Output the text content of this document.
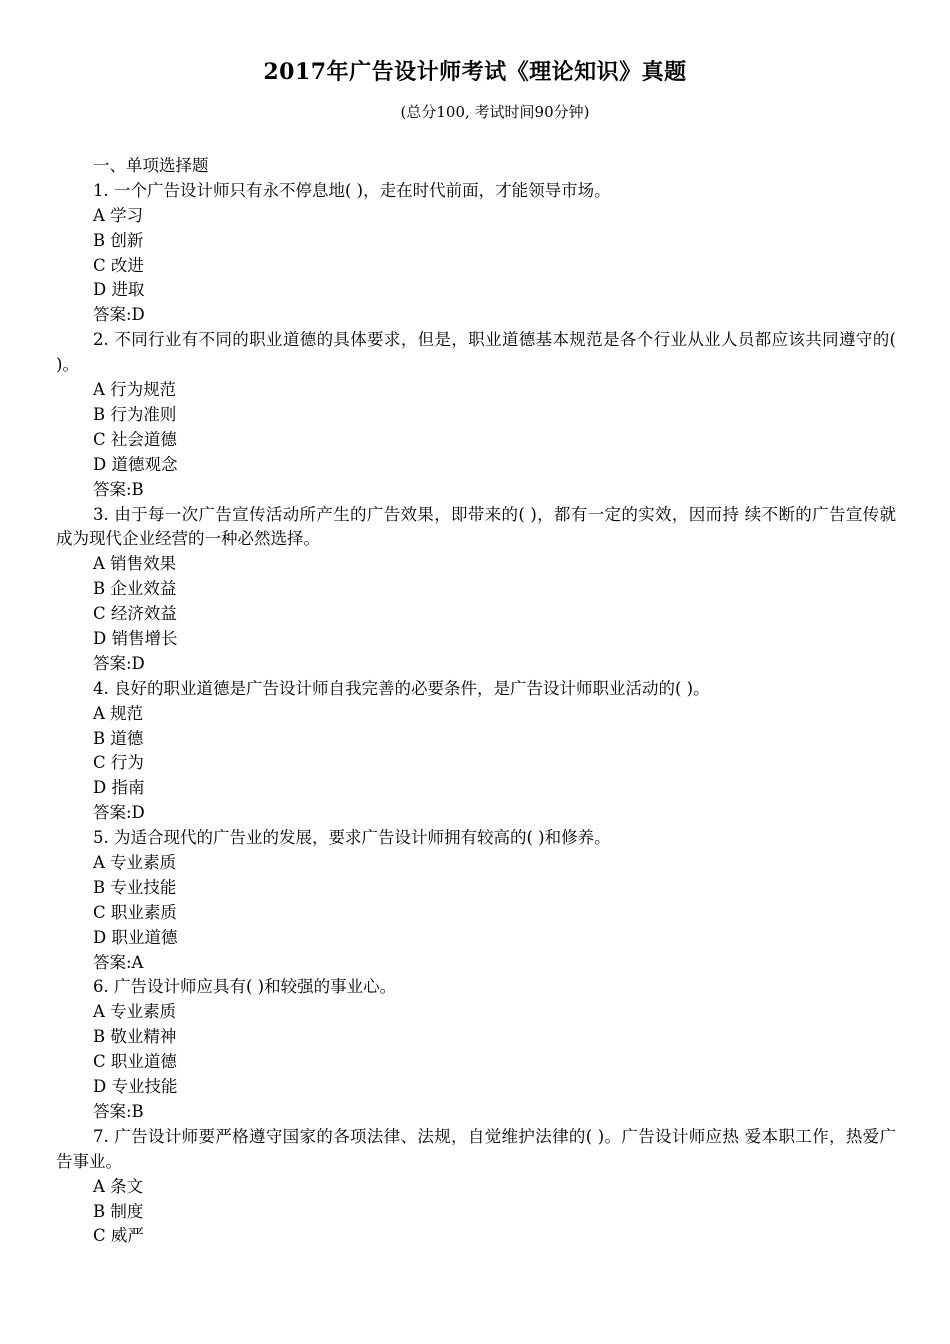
2017年广告设计师考试《理论知识》真题
(总分100, 考试时间90分钟)
一、单项选择题
1. 一个广告设计师只有永不停息地( )，走在时代前面，才能领导市场。
A 学习
B 创新
C 改进
D 进取
答案:D
2. 不同行业有不同的职业道德的具体要求，但是，职业道德基本规范是各个行业从业人员都应该共同遵守的( )。
A 行为规范
B 行为准则
C 社会道德
D 道德观念
答案:B
3. 由于每一次广告宣传活动所产生的广告效果，即带来的( )，都有一定的实效，因而持 续不断的广告宣传就成为现代企业经营的一种必然选择。
A 销售效果
B 企业效益
C 经济效益
D 销售增长
答案:D
4. 良好的职业道德是广告设计师自我完善的必要条件，是广告设计师职业活动的( )。
A 规范
B 道德
C 行为
D 指南
答案:D
5. 为适合现代的广告业的发展，要求广告设计师拥有较高的( )和修养。
A 专业素质
B 专业技能
C 职业素质
D 职业道德
答案:A
6. 广告设计师应具有( )和较强的事业心。
A 专业素质
B 敬业精神
C 职业道德
D 专业技能
答案:B
7. 广告设计师要严格遵守国家的各项法律、法规，自觉维护法律的( )。广告设计师应热 爱本职工作，热爱广告事业。
A 条文
B 制度
C 威严
